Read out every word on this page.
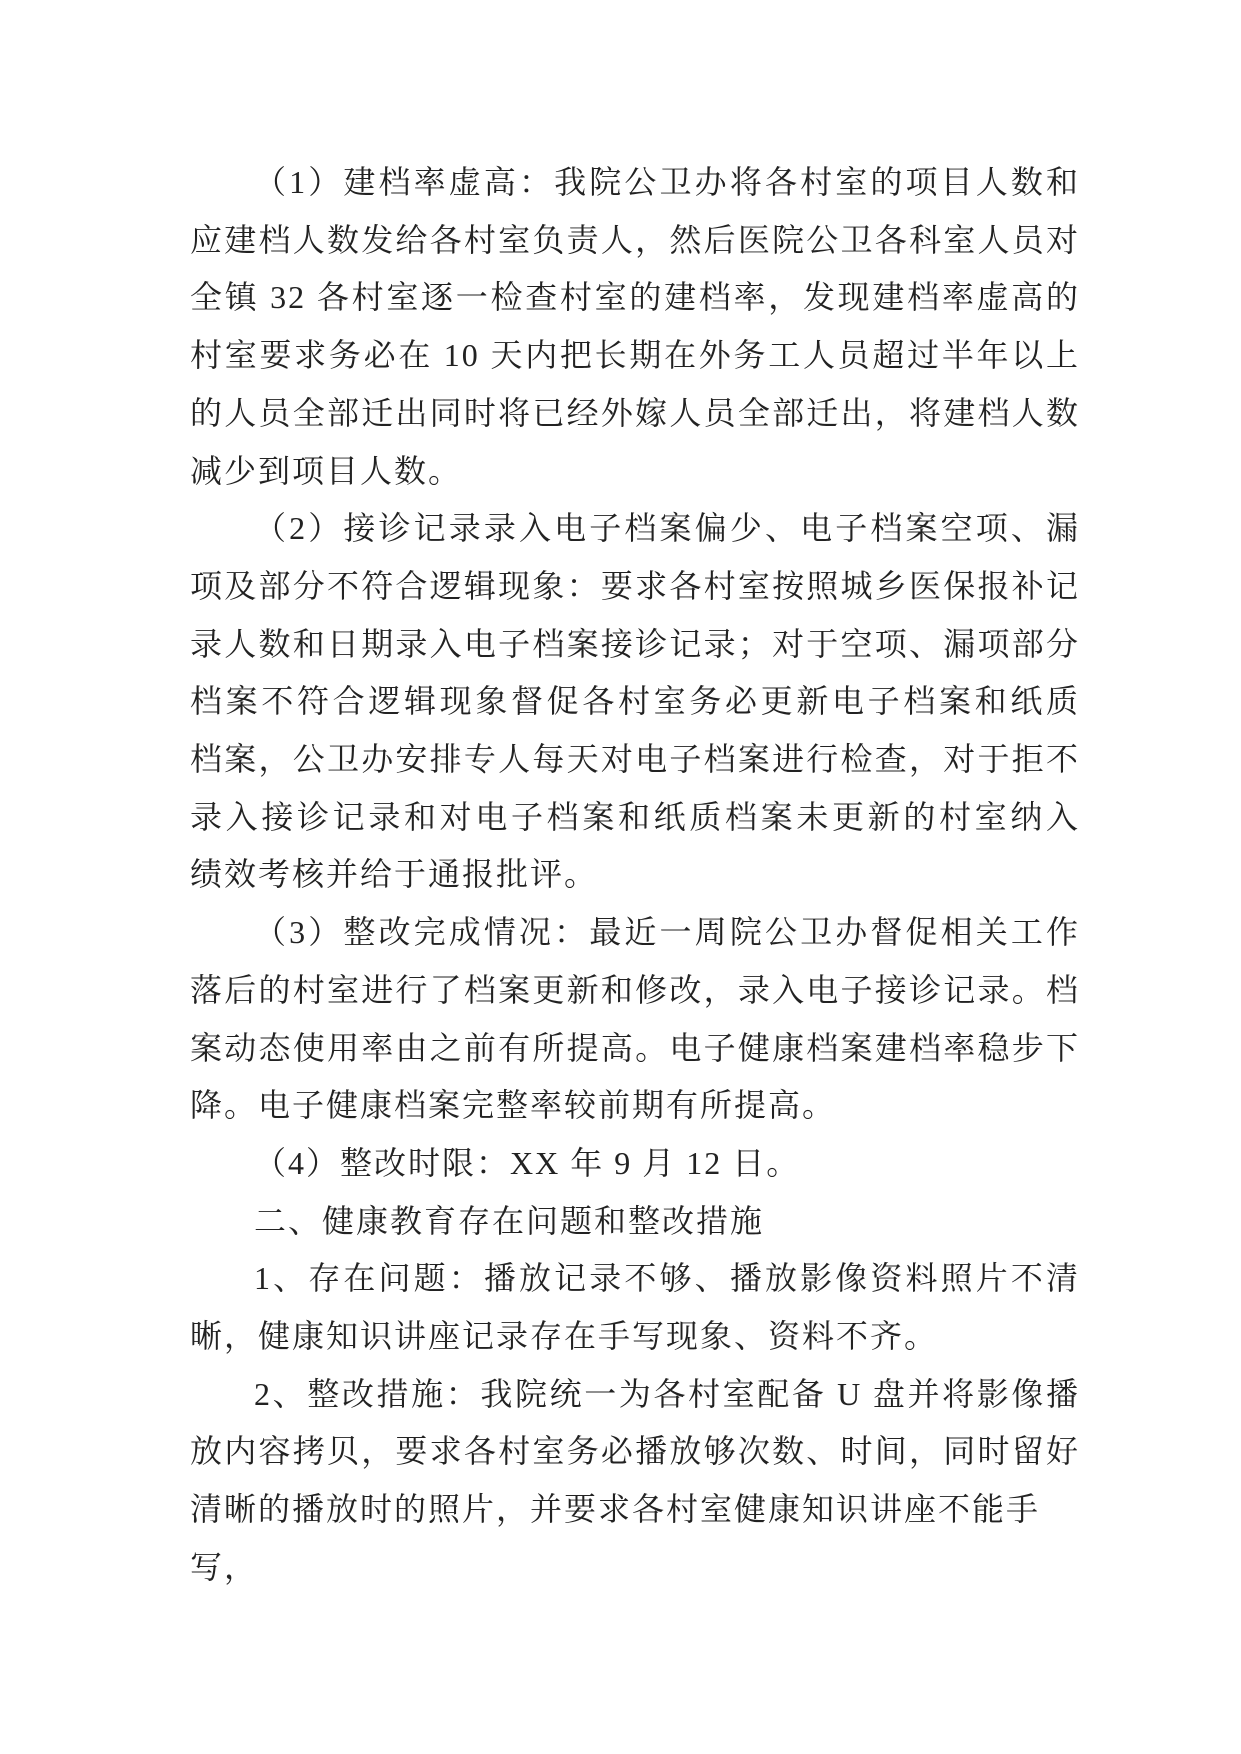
（1）建档率虚高：我院公卫办将各村室的项目人数和
应建档人数发给各村室负责人，然后医院公卫各科室人员对
全镇 32 各村室逐一检查村室的建档率，发现建档率虚高的
村室要求务必在 10 天内把长期在外务工人员超过半年以上
的人员全部迁出同时将已经外嫁人员全部迁出，将建档人数
减少到项目人数。
（2）接诊记录录入电子档案偏少、电子档案空项、漏
项及部分不符合逻辑现象：要求各村室按照城乡医保报补记
录人数和日期录入电子档案接诊记录；对于空项、漏项部分
档案不符合逻辑现象督促各村室务必更新电子档案和纸质
档案，公卫办安排专人每天对电子档案进行检查，对于拒不
录入接诊记录和对电子档案和纸质档案未更新的村室纳入
绩效考核并给于通报批评。
（3）整改完成情况：最近一周院公卫办督促相关工作
落后的村室进行了档案更新和修改，录入电子接诊记录。档
案动态使用率由之前有所提高。电子健康档案建档率稳步下
降。电子健康档案完整率较前期有所提高。
（4）整改时限：XX 年 9 月 12 日。
二、健康教育存在问题和整改措施
1、存在问题：播放记录不够、播放影像资料照片不清
晰，健康知识讲座记录存在手写现象、资料不齐。
2、整改措施：我院统一为各村室配备 U 盘并将影像播
放内容拷贝，要求各村室务必播放够次数、时间，同时留好
清晰的播放时的照片，并要求各村室健康知识讲座不能手写，
